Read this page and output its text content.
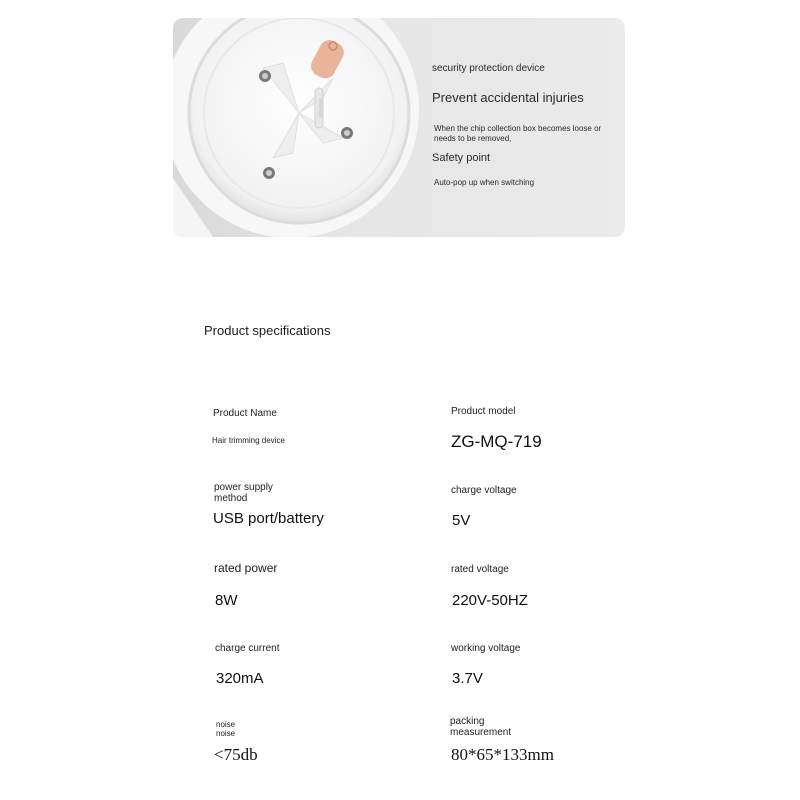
security protection device
Prevent accidental injuries
When the chip collection box becomes loose or needs to be removed,
Safety point
Auto-pop up when switching
Product specifications
Product Name
Hair trimming device
Product model
ZG-MQ-719
power supply method
USB port/battery
charge voltage
5V
rated power
8W
rated voltage
220V-50HZ
charge current
320mA
working voltage
3.7V
noise
noise
<75db
packing measurement
80*65*133mm
